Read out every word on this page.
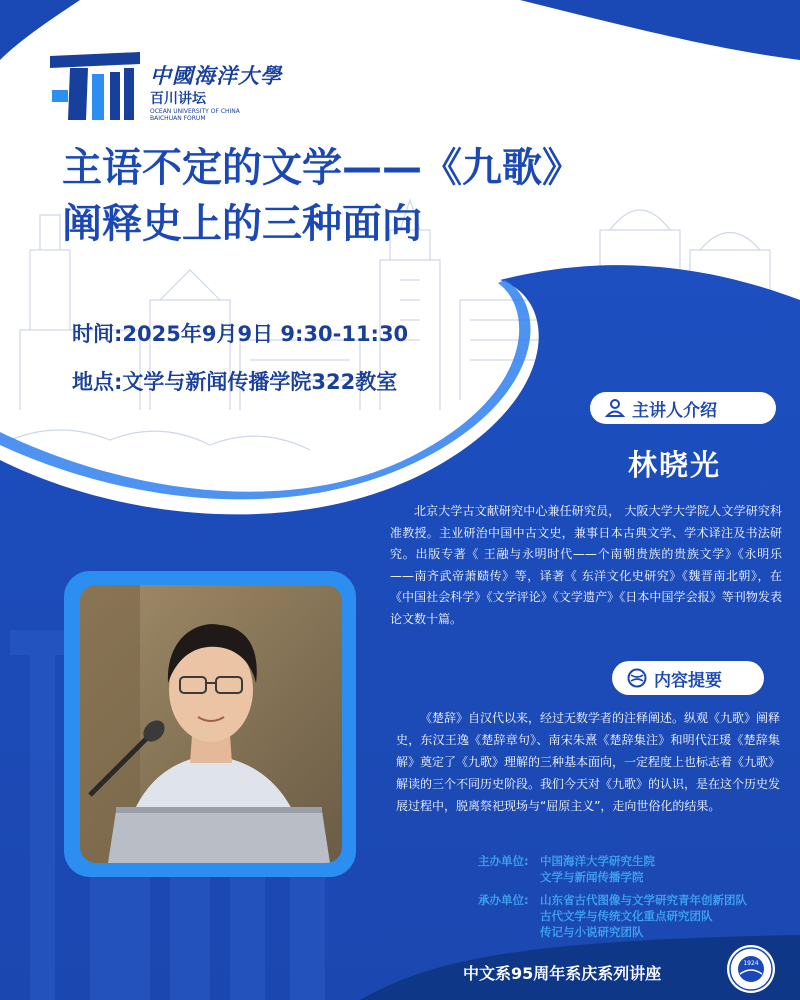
中國海洋大學
百川讲坛
OCEAN UNIVERSITY OF CHINA
BAICHUAN FORUM
主语不定的文学——《九歌》
阐释史上的三种面向
时间:2025年9月9日 9:30-11:30
地点:文学与新闻传播学院322教室
主讲人介绍
林晓光
北京大学古文献研究中心兼任研究员， 大阪大学大学院人文学研究科准教授。主业研治中国中古文史，兼事日本古典文学、学术译注及书法研究。出版专著《 王融与永明时代——个南朝贵族的贵族文学》《永明乐——南齐武帝萧赜传》等，译著《 东洋文化史研究》《魏晋南北朝》，在《中国社会科学》《文学评论》《文学遗产》《日本中国学会报》等刊物发表论文数十篇。
内容提要
《楚辞》自汉代以来，经过无数学者的注释阐述。纵观《九歌》阐释史，东汉王逸《楚辞章句》、南宋朱熹《楚辞集注》和明代汪瑗《楚辞集解》奠定了《九歌》理解的三种基本面向，一定程度上也标志着《九歌》解读的三个不同历史阶段。我们今天对《九歌》的认识，是在这个历史发展过程中，脱离祭祀现场与“屈原主义”，走向世俗化的结果。
主办单位: 中国海洋大学研究生院
文学与新闻传播学院
承办单位: 山东省古代图像与文学研究青年创新团队
古代文学与传统文化重点研究团队
传记与小说研究团队
中文系95周年系庆系列讲座
1924
